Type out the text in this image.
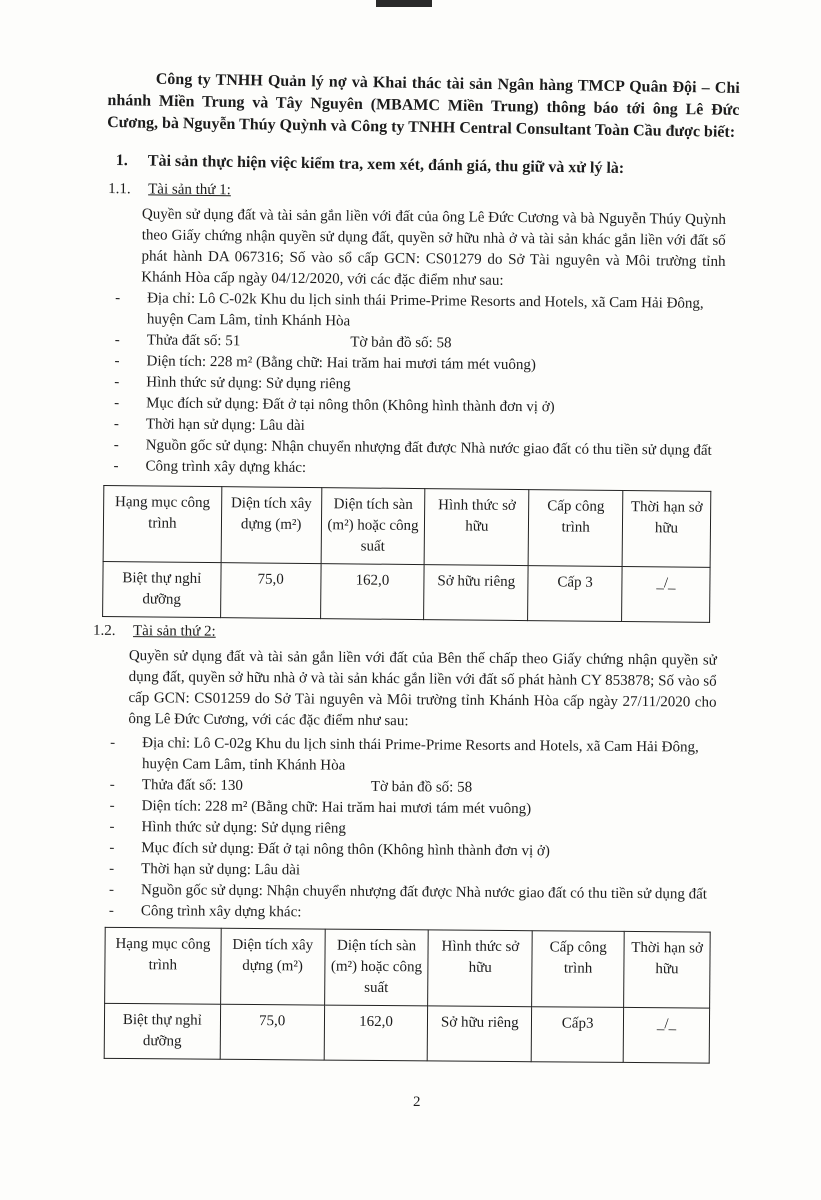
Công ty TNHH Quản lý nợ và Khai thác tài sản Ngân hàng TMCP Quân Đội – Chi nhánh Miền Trung và Tây Nguyên (MBAMC Miền Trung) thông báo tới ông Lê Đức Cương, bà Nguyễn Thúy Quỳnh và Công ty TNHH Central Consultant Toàn Cầu được biết:

1. Tài sản thực hiện việc kiểm tra, xem xét, đánh giá, thu giữ và xử lý là:
1.1. Tài sản thứ 1:

Quyền sử dụng đất và tài sản gắn liền với đất của ông Lê Đức Cương và bà Nguyễn Thúy Quỳnh theo Giấy chứng nhận quyền sử dụng đất, quyền sở hữu nhà ở và tài sản khác gắn liền với đất số phát hành DA 067316; Số vào sổ cấp GCN: CS01279 do Sở Tài nguyên và Môi trường tỉnh Khánh Hòa cấp ngày 04/12/2020, với các đặc điểm như sau:

- Địa chỉ: Lô C-02k Khu du lịch sinh thái Prime-Prime Resorts and Hotels, xã Cam Hải Đông, huyện Cam Lâm, tỉnh Khánh Hòa
- Thửa đất số: 51	Tờ bản đồ số: 58
- Diện tích: 228 m² (Bằng chữ: Hai trăm hai mươi tám mét vuông)
- Hình thức sử dụng: Sử dụng riêng
- Mục đích sử dụng: Đất ở tại nông thôn (Không hình thành đơn vị ở)
- Thời hạn sử dụng: Lâu dài
- Nguồn gốc sử dụng: Nhận chuyển nhượng đất được Nhà nước giao đất có thu tiền sử dụng đất
- Công trình xây dựng khác:
Hạng mục công trình	Diện tích xây dựng (m²)	Diện tích sàn (m²) hoặc công suất	Hình thức sở hữu	Cấp công trình	Thời hạn sở hữu
Biệt thự nghỉ dưỡng	75,0	162,0	Sở hữu riêng	Cấp 3	_/_
1.2. Tài sản thứ 2:

Quyền sử dụng đất và tài sản gắn liền với đất của Bên thế chấp theo Giấy chứng nhận quyền sử dụng đất, quyền sở hữu nhà ở và tài sản khác gắn liền với đất số phát hành CY 853878; Số vào sổ cấp GCN: CS01259 do Sở Tài nguyên và Môi trường tỉnh Khánh Hòa cấp ngày 27/11/2020 cho ông Lê Đức Cương, với các đặc điểm như sau:

- Địa chỉ: Lô C-02g Khu du lịch sinh thái Prime-Prime Resorts and Hotels, xã Cam Hải Đông, huyện Cam Lâm, tỉnh Khánh Hòa
- Thửa đất số: 130	Tờ bản đồ số: 58
- Diện tích: 228 m² (Bằng chữ: Hai trăm hai mươi tám mét vuông)
- Hình thức sử dụng: Sử dụng riêng
- Mục đích sử dụng: Đất ở tại nông thôn (Không hình thành đơn vị ở)
- Thời hạn sử dụng: Lâu dài
- Nguồn gốc sử dụng: Nhận chuyển nhượng đất được Nhà nước giao đất có thu tiền sử dụng đất
- Công trình xây dựng khác:
Hạng mục công trình	Diện tích xây dựng (m²)	Diện tích sàn (m²) hoặc công suất	Hình thức sở hữu	Cấp công trình	Thời hạn sở hữu
Biệt thự nghỉ dưỡng	75,0	162,0	Sở hữu riêng	Cấp3	_/_
2
